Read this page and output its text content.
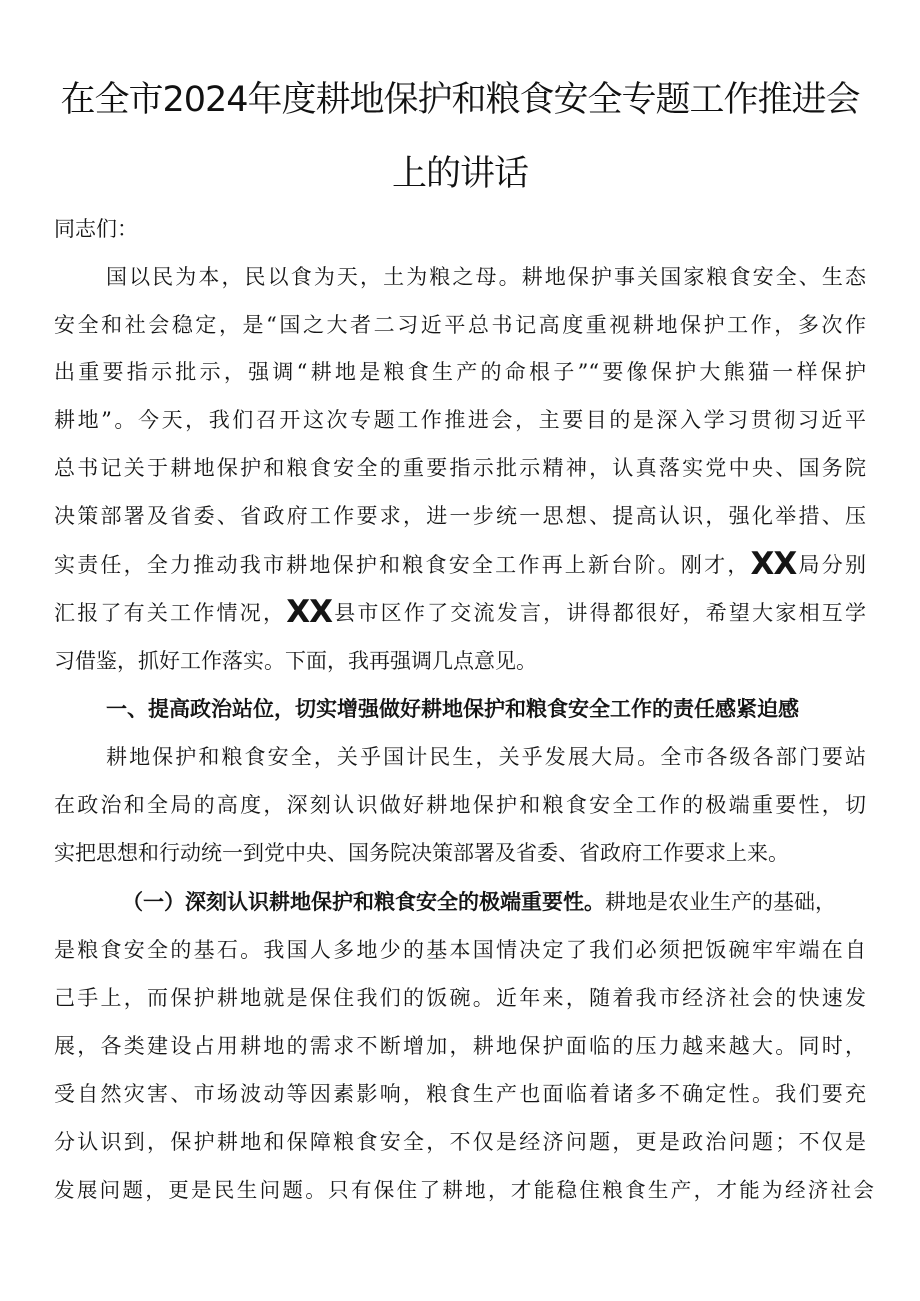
在全市2024年度耕地保护和粮食安全专题工作推进会
上的讲话
同志们：
国以民为本，民以食为天，土为粮之母。耕地保护事关国家粮食安全、生态
安全和社会稳定，是“国之大者二习近平总书记高度重视耕地保护工作，多次作
出重要指示批示，强调“耕地是粮食生产的命根子”“要像保护大熊猫一样保护
耕地”。今天，我们召开这次专题工作推进会，主要目的是深入学习贯彻习近平
总书记关于耕地保护和粮食安全的重要指示批示精神，认真落实党中央、国务院
决策部署及省委、省政府工作要求，进一步统一思想、提高认识，强化举措、压
实责任，全力推动我市耕地保护和粮食安全工作再上新台阶。刚才，XX局分别
汇报了有关工作情况，XX县市区作了交流发言，讲得都很好，希望大家相互学
习借鉴，抓好工作落实。下面，我再强调几点意见。
一、提高政治站位，切实增强做好耕地保护和粮食安全工作的责任感紧迫感
耕地保护和粮食安全，关乎国计民生，关乎发展大局。全市各级各部门要站
在政治和全局的高度，深刻认识做好耕地保护和粮食安全工作的极端重要性，切
实把思想和行动统一到党中央、国务院决策部署及省委、省政府工作要求上来。
（一）深刻认识耕地保护和粮食安全的极端重要性。耕地是农业生产的基础，
是粮食安全的基石。我国人多地少的基本国情决定了我们必须把饭碗牢牢端在自
己手上，而保护耕地就是保住我们的饭碗。近年来，随着我市经济社会的快速发
展，各类建设占用耕地的需求不断增加，耕地保护面临的压力越来越大。同时，
受自然灾害、市场波动等因素影响，粮食生产也面临着诸多不确定性。我们要充
分认识到，保护耕地和保障粮食安全，不仅是经济问题，更是政治问题；不仅是
发展问题，更是民生问题。只有保住了耕地，才能稳住粮食生产，才能为经济社会
